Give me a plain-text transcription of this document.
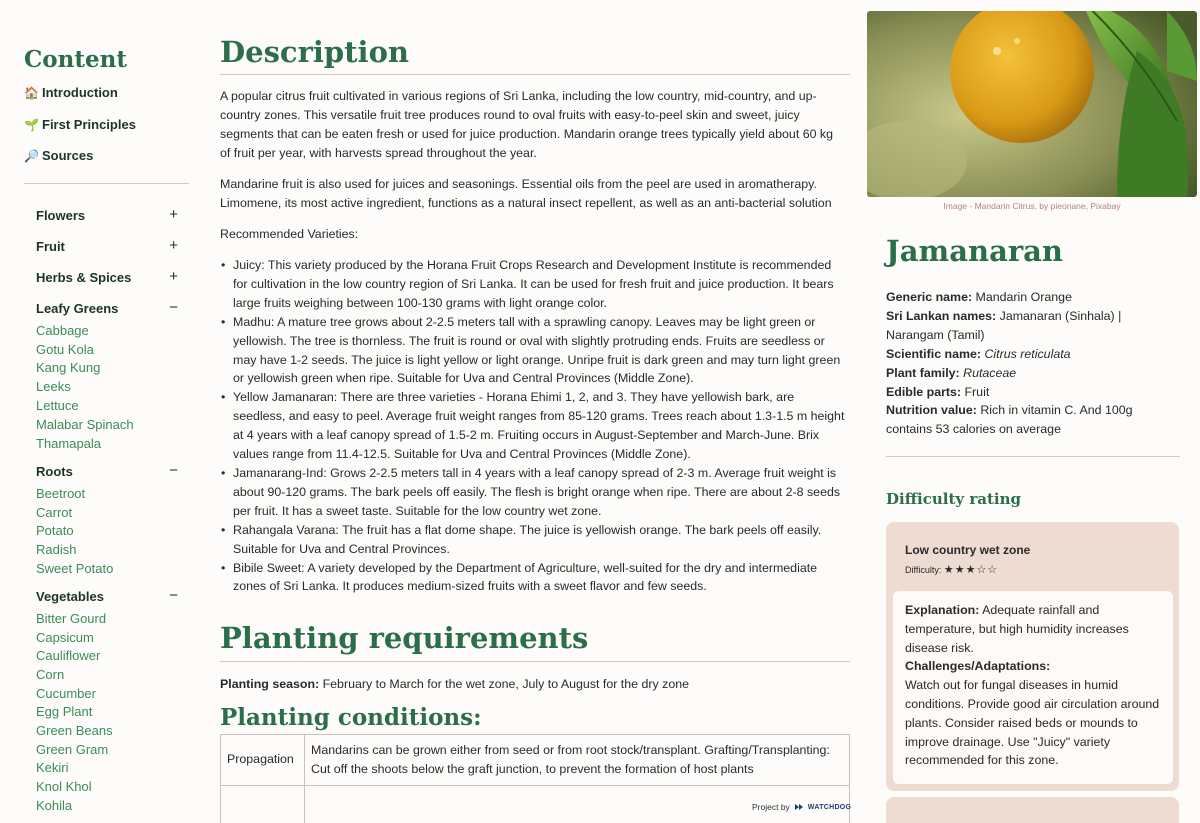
Content
🏠 Introduction
🌱 First Principles
🔎 Sources
Flowers	+
Fruit	+
Herbs & Spices	+
Leafy Greens	−
Cabbage
Gotu Kola
Kang Kung
Leeks
Lettuce
Malabar Spinach
Thamapala
Roots	−
Beetroot
Carrot
Potato
Radish
Sweet Potato
Vegetables	−
Bitter Gourd
Capsicum
Cauliflower
Corn
Cucumber
Egg Plant
Green Beans
Green Gram
Kekiri
Knol Khol
Kohila
Description

A popular citrus fruit cultivated in various regions of Sri Lanka, including the low country, mid-country, and up-country zones. This versatile fruit tree produces round to oval fruits with easy-to-peel skin and sweet, juicy segments that can be eaten fresh or used for juice production. Mandarin orange trees typically yield about 60 kg of fruit per year, with harvests spread throughout the year.

Mandarine fruit is also used for juices and seasonings. Essential oils from the peel are used in aromatherapy. Limomene, its most active ingredient, functions as a natural insect repellent, as well as an anti-bacterial solution

Recommended Varieties:

• Juicy: This variety produced by the Horana Fruit Crops Research and Development Institute is recommended for cultivation in the low country region of Sri Lanka. It can be used for fresh fruit and juice production. It bears large fruits weighing between 100-130 grams with light orange color.
• Madhu: A mature tree grows about 2-2.5 meters tall with a sprawling canopy. Leaves may be light green or yellowish. The tree is thornless. The fruit is round or oval with slightly protruding ends. Fruits are seedless or may have 1-2 seeds. The juice is light yellow or light orange. Unripe fruit is dark green and may turn light green or yellowish green when ripe. Suitable for Uva and Central Provinces (Middle Zone).
• Yellow Jamanaran: There are three varieties - Horana Ehimi 1, 2, and 3. They have yellowish bark, are seedless, and easy to peel. Average fruit weight ranges from 85-120 grams. Trees reach about 1.3-1.5 m height at 4 years with a leaf canopy spread of 1.5-2 m. Fruiting occurs in August-September and March-June. Brix values range from 11.4-12.5. Suitable for Uva and Central Provinces (Middle Zone).
• Jamanarang-Ind: Grows 2-2.5 meters tall in 4 years with a leaf canopy spread of 2-3 m. Average fruit weight is about 90-120 grams. The bark peels off easily. The flesh is bright orange when ripe. There are about 2-8 seeds per fruit. It has a sweet taste. Suitable for the low country wet zone.
• Rahangala Varana: The fruit has a flat dome shape. The juice is yellowish orange. The bark peels off easily. Suitable for Uva and Central Provinces.
• Bibile Sweet: A variety developed by the Department of Agriculture, well-suited for the dry and intermediate zones of Sri Lanka. It produces medium-sized fruits with a sweet flavor and few seeds.
Planting requirements

Planting season: February to March for the wet zone, July to August for the dry zone

Planting conditions:
Propagation	Mandarins can be grown either from seed or from root stock/transplant. Grafting/Transplanting: Cut off the shoots below the graft junction, to prevent the formation of host plants

Project by	WATCHDOG
Image - Mandarin Citrus, by pieonane, Pixabay
Jamanaran
Generic name: Mandarin Orange
Sri Lankan names: Jamanaran (Sinhala) | Narangam (Tamil)
Scientific name: Citrus reticulata
Plant family: Rutaceae
Edible parts: Fruit
Nutrition value: Rich in vitamin C. And 100g contains 53 calories on average
Difficulty rating
Low country wet zone
Difficulty: ★★★☆☆
Explanation: Adequate rainfall and temperature, but high humidity increases disease risk.
Challenges/Adaptations:
Watch out for fungal diseases in humid conditions. Provide good air circulation around plants. Consider raised beds or mounds to improve drainage. Use "Juicy" variety recommended for this zone.
